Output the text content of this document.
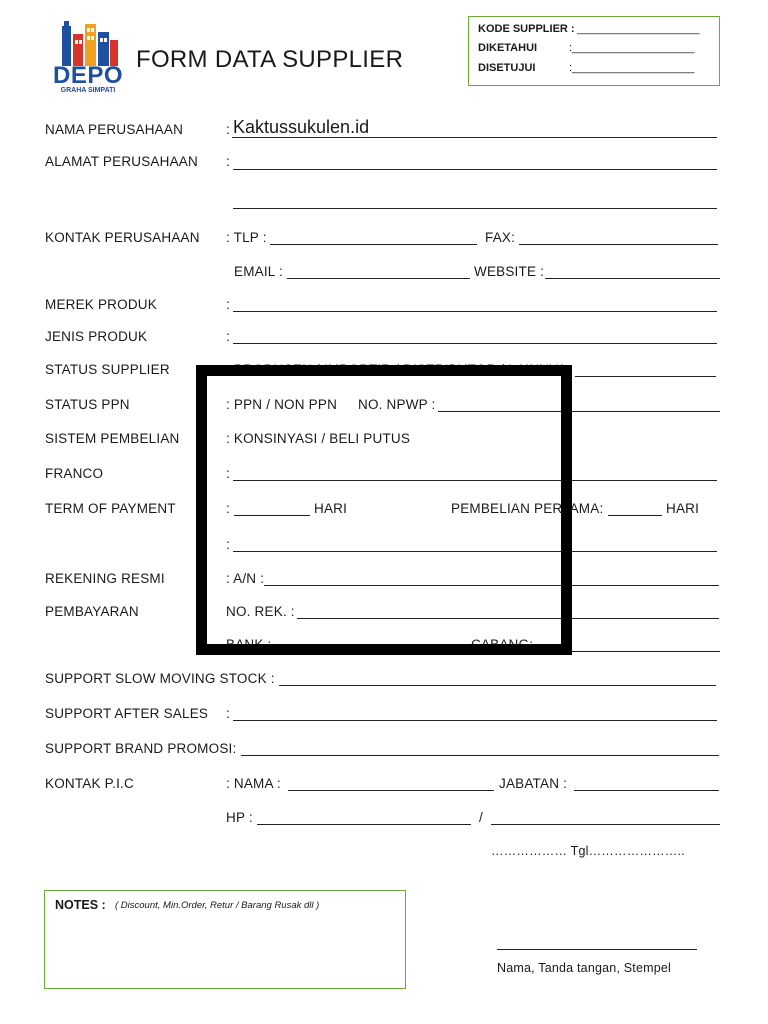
DEPO
GRAHA SIMPATI
FORM DATA SUPPLIER
KODE SUPPLIER : ____________________
DIKETAHUI	:____________________
DISETUJUI	:____________________
NAMA PERUSAHAAN	: Kaktussukulen.id
ALAMAT PERUSAHAAN :
KONTAK PERUSAHAAN : TLP :	FAX:
EMAIL :	WEBSITE :
MEREK PRODUK	:
JENIS PRODUK	:
STATUS SUPPLIER	: PRODUSEN / IMPORTIR / DISTRIBUTOR / LAINNYA
STATUS PPN	: PPN / NON PPN NO. NPWP :
SISTEM PEMBELIAN	: KONSINYASI / BELI PUTUS
FRANCO	:
TERM OF PAYMENT	:	HARI	PEMBELIAN PERTAMA:	HARI
:
REKENING RESMI	: A/N :
PEMBAYARAN	NO. REK. :
BANK :	CABANG:
SUPPORT SLOW MOVING STOCK :
SUPPORT AFTER SALES :
SUPPORT BRAND PROMOSI:
KONTAK P.I.C	: NAMA :	JABATAN :
HP :	/
……………… Tgl…………………..
NOTES : ( Discount, Min.Order, Retur / Barang Rusak dll )
Nama, Tanda tangan, Stempel
